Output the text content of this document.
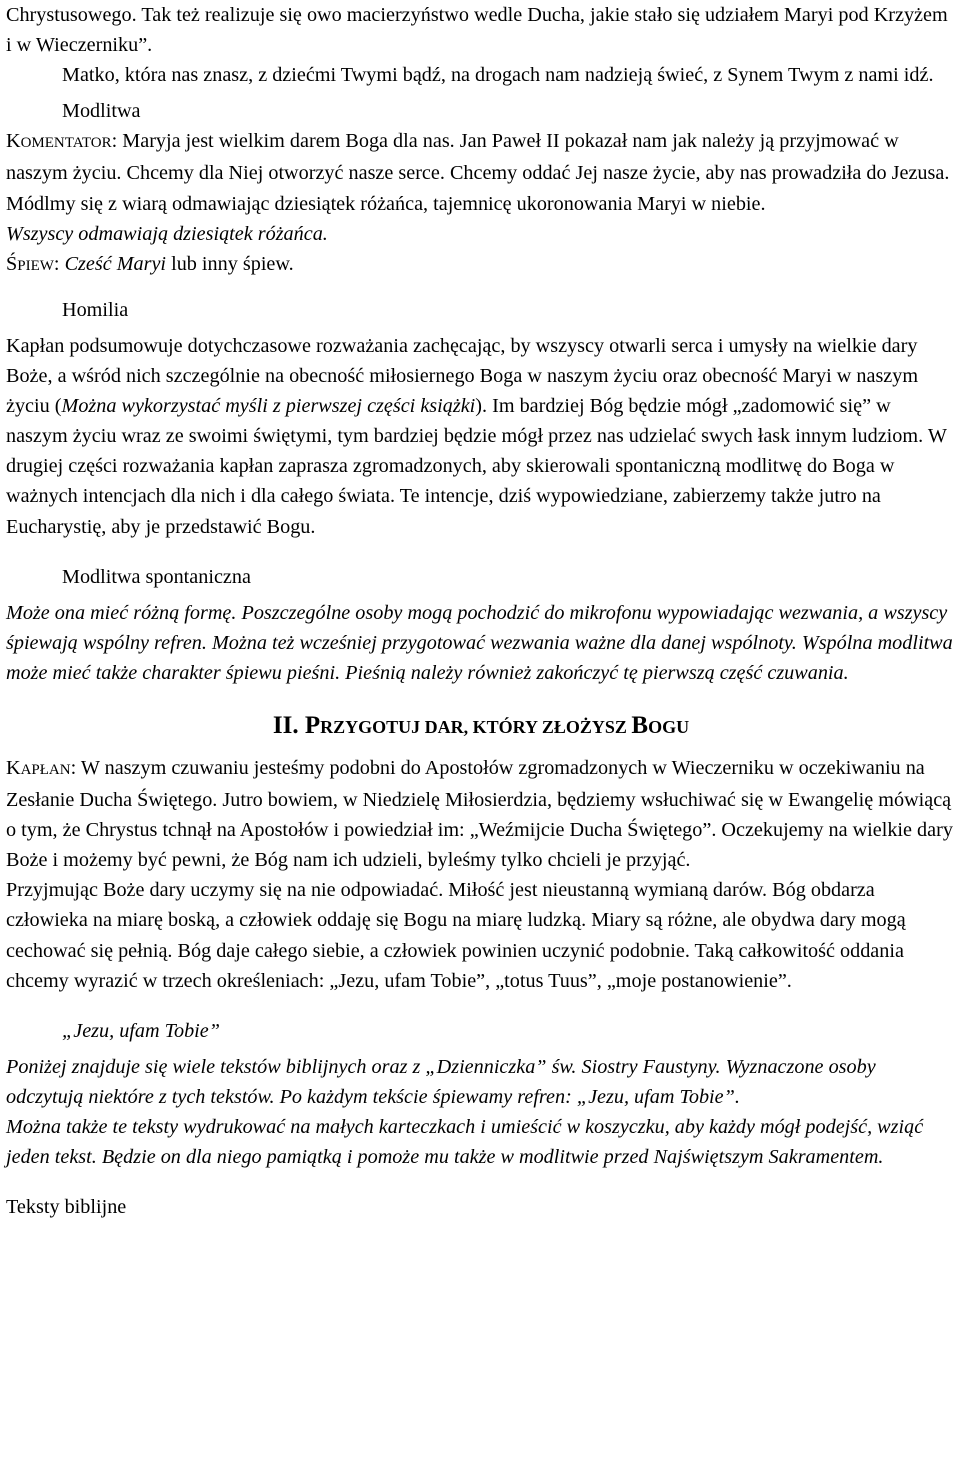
Chrystusowego. Tak też realizuje się owo macierzyństwo wedle Ducha, jakie stało się udziałem Maryi pod Krzyżem i w Wieczerniku”.

Matko, która nas znasz, z dziećmi Twymi bądź, na drogach nam nadzieją świeć, z Synem Twym z nami idź.

Modlitwa

KOMENTATOR: Maryja jest wielkim darem Boga dla nas. Jan Paweł II pokazał nam jak należy ją przyjmować w naszym życiu. Chcemy dla Niej otworzyć nasze serce. Chcemy oddać Jej nasze życie, aby nas prowadziła do Jezusa. Módlmy się z wiarą odmawiając dziesiątek różańca, tajemnicę ukoronowania Maryi w niebie.

Wszyscy odmawiają dziesiątek różańca.

ŚPIEW: Cześć Maryi lub inny śpiew.

Homilia

Kapłan podsumowuje dotychczasowe rozważania zachęcając, by wszyscy otwarli serca i umysły na wielkie dary Boże, a wśród nich szczególnie na obecność miłosiernego Boga w naszym życiu oraz obecność Maryi w naszym życiu (Można wykorzystać myśli z pierwszej części książki). Im bardziej Bóg będzie mógł „zadomowić się” w naszym życiu wraz ze swoimi świętymi, tym bardziej będzie mógł przez nas udzielać swych łask innym ludziom. W drugiej części rozważania kapłan zaprasza zgromadzonych, aby skierowali spontaniczną modlitwę do Boga w ważnych intencjach dla nich i dla całego świata. Te intencje, dziś wypowiedziane, zabierzemy także jutro na Eucharystię, aby je przedstawić Bogu.

Modlitwa spontaniczna

Może ona mieć różną formę. Poszczególne osoby mogą pochodzić do mikrofonu wypowiadając wezwania, a wszyscy śpiewają wspólny refren. Można też wcześniej przygotować wezwania ważne dla danej wspólnoty. Wspólna modlitwa może mieć także charakter śpiewu pieśni. Pieśnią należy również zakończyć tę pierwszą część czuwania.

II. PRZYGOTUJ DAR, KTÓRY ZŁOŻYSZ BOGU

KAPŁAN: W naszym czuwaniu jesteśmy podobni do Apostołów zgromadzonych w Wieczerniku w oczekiwaniu na Zesłanie Ducha Świętego. Jutro bowiem, w Niedzielę Miłosierdzia, będziemy wsłuchiwać się w Ewangelię mówiącą o tym, że Chrystus tchnął na Apostołów i powiedział im: „Weźmijcie Ducha Świętego”. Oczekujemy na wielkie dary Boże i możemy być pewni, że Bóg nam ich udzieli, byleśmy tylko chcieli je przyjąć.

Przyjmując Boże dary uczymy się na nie odpowiadać. Miłość jest nieustanną wymianą darów. Bóg obdarza człowieka na miarę boską, a człowiek oddaję się Bogu na miarę ludzką. Miary są różne, ale obydwa dary mogą cechować się pełnią. Bóg daje całego siebie, a człowiek powinien uczynić podobnie. Taką całkowitość oddania chcemy wyrazić w trzech określeniach: „Jezu, ufam Tobie”, „totus Tuus”, „moje postanowienie”.

„Jezu, ufam Tobie”

Poniżej znajduje się wiele tekstów biblijnych oraz z „Dzienniczka” św. Siostry Faustyny. Wyznaczone osoby odczytują niektóre z tych tekstów. Po każdym tekście śpiewamy refren: „Jezu, ufam Tobie”.

Można także te teksty wydrukować na małych karteczkach i umieścić w koszyczku, aby każdy mógł podejść, wziąć jeden tekst. Będzie on dla niego pamiątką i pomoże mu także w modlitwie przed Najświętszym Sakramentem.

Teksty biblijne
